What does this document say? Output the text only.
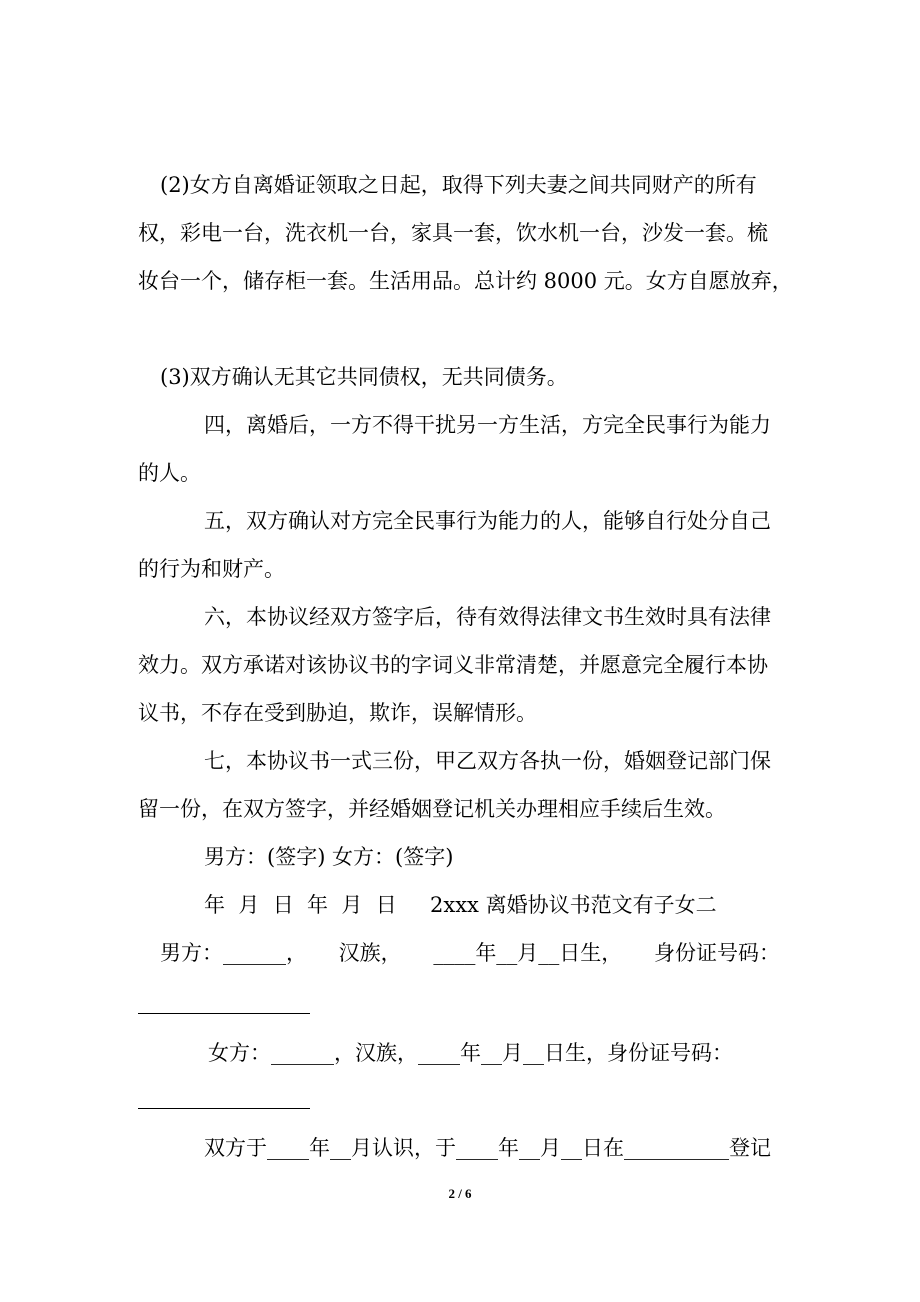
(2)女方自离婚证领取之日起，取得下列夫妻之间共同财产的所有
权，彩电一台，洗衣机一台，家具一套，饮水机一台，沙发一套。梳
妆台一个，储存柜一套。生活用品。总计约 8000 元。女方自愿放弃，
(3)双方确认无其它共同债权，无共同债务。
四，离婚后，一方不得干扰另一方生活，方完全民事行为能力
的人。
五，双方确认对方完全民事行为能力的人，能够自行处分自己
的行为和财产。
六，本协议经双方签字后，待有效得法律文书生效时具有法律
效力。双方承诺对该协议书的字词义非常清楚，并愿意完全履行本协
议书，不存在受到胁迫，欺诈，误解情形。
七，本协议书一式三份，甲乙双方各执一份，婚姻登记部门保
留一份，在双方签字，并经婚姻登记机关办理相应手续后生效。
男方：(签字) 女方：(签字)
年  月  日  年  月  日 2xxx 离婚协议书范文有子女二
男方：______， 汉族， ____年__月__日生， 身份证号码：
女方：______，汉族，____年__月__日生，身份证号码：
双方于____年__月认识，于____年__月__日在__________登记
2 / 6
